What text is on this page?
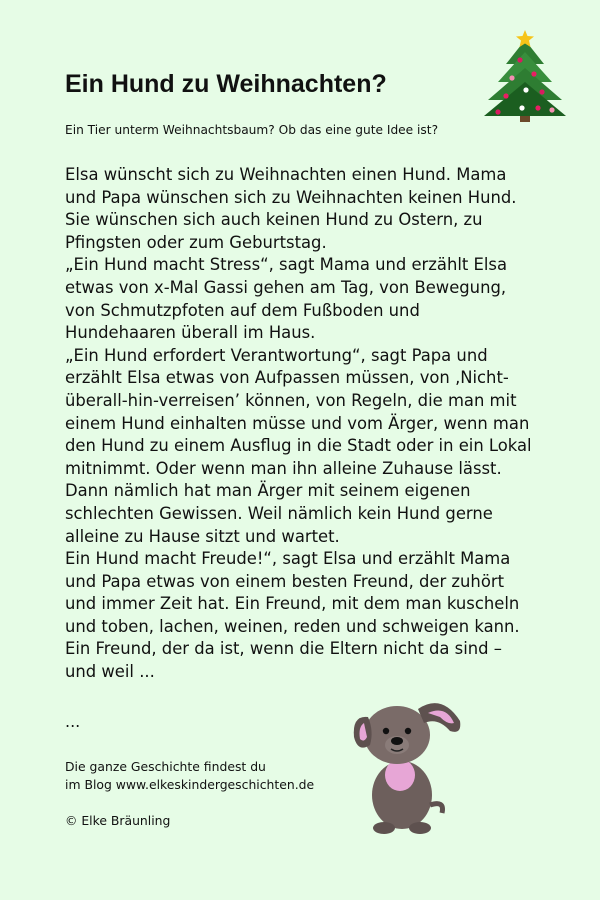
Ein Hund zu Weihnachten?

Ein Tier unterm Weihnachtsbaum? Ob das eine gute Idee ist?

Elsa wünscht sich zu Weihnachten einen Hund. Mama

und Papa wünschen sich zu Weihnachten keinen Hund.

Sie wünschen sich auch keinen Hund zu Ostern, zu

Pfingsten oder zum Geburtstag.

„Ein Hund macht Stress“, sagt Mama und erzählt Elsa

etwas von x-Mal Gassi gehen am Tag, von Bewegung,

von Schmutzpfoten auf dem Fußboden und

Hundehaaren überall im Haus.

„Ein Hund erfordert Verantwortung“, sagt Papa und

erzählt Elsa etwas von Aufpassen müssen, von ‚Nicht-

überall-hin-verreisen’ können, von Regeln, die man mit

einem Hund einhalten müsse und vom Ärger, wenn man

den Hund zu einem Ausflug in die Stadt oder in ein Lokal

mitnimmt. Oder wenn man ihn alleine Zuhause lässt.

Dann nämlich hat man Ärger mit seinem eigenen

schlechten Gewissen. Weil nämlich kein Hund gerne

alleine zu Hause sitzt und wartet.

Ein Hund macht Freude!“, sagt Elsa und erzählt Mama

und Papa etwas von einem besten Freund, der zuhört

und immer Zeit hat. Ein Freund, mit dem man kuscheln

und toben, lachen, weinen, reden und schweigen kann.

Ein Freund, der da ist, wenn die Eltern nicht da sind –

und weil ...

...

Die ganze Geschichte findest du

im Blog www.elkeskindergeschichten.de

© Elke Bräunling
